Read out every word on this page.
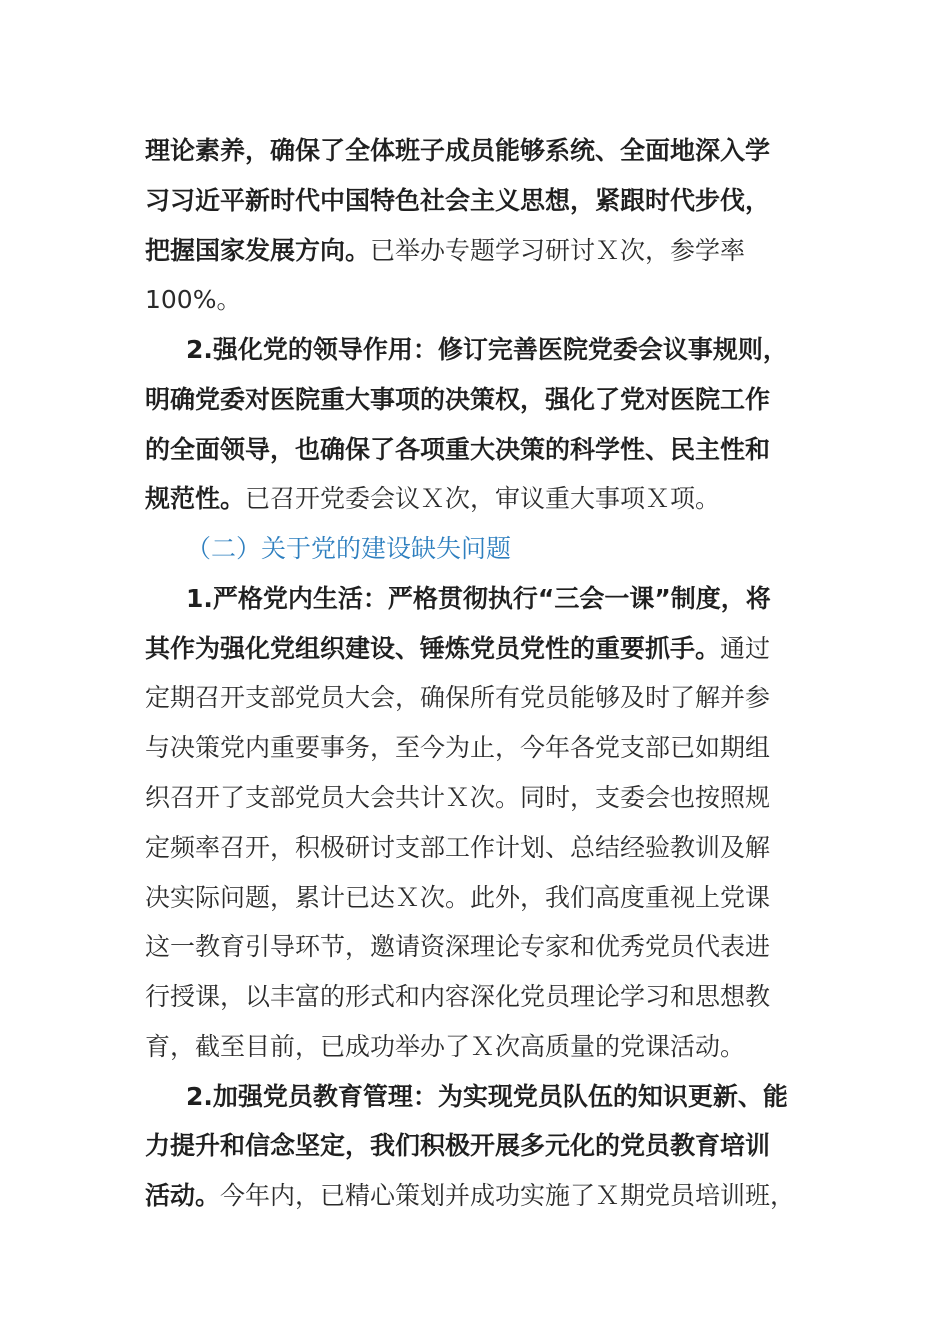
理论素养，确保了全体班子成员能够系统、全面地深入学
习习近平新时代中国特色社会主义思想，紧跟时代步伐，
把握国家发展方向。已举办专题学习研讨Ｘ次，参学率
100%。
2.强化党的领导作用：修订完善医院党委会议事规则，
明确党委对医院重大事项的决策权，强化了党对医院工作
的全面领导，也确保了各项重大决策的科学性、民主性和
规范性。已召开党委会议Ｘ次，审议重大事项Ｘ项。
（二）关于党的建设缺失问题
1.严格党内生活：严格贯彻执行“三会一课”制度，将
其作为强化党组织建设、锤炼党员党性的重要抓手。通过
定期召开支部党员大会，确保所有党员能够及时了解并参
与决策党内重要事务，至今为止，今年各党支部已如期组
织召开了支部党员大会共计Ｘ次。同时，支委会也按照规
定频率召开，积极研讨支部工作计划、总结经验教训及解
决实际问题，累计已达Ｘ次。此外，我们高度重视上党课
这一教育引导环节，邀请资深理论专家和优秀党员代表进
行授课，以丰富的形式和内容深化党员理论学习和思想教
育，截至目前，已成功举办了Ｘ次高质量的党课活动。
2.加强党员教育管理：为实现党员队伍的知识更新、能
力提升和信念坚定，我们积极开展多元化的党员教育培训
活动。今年内，已精心策划并成功实施了Ｘ期党员培训班，
